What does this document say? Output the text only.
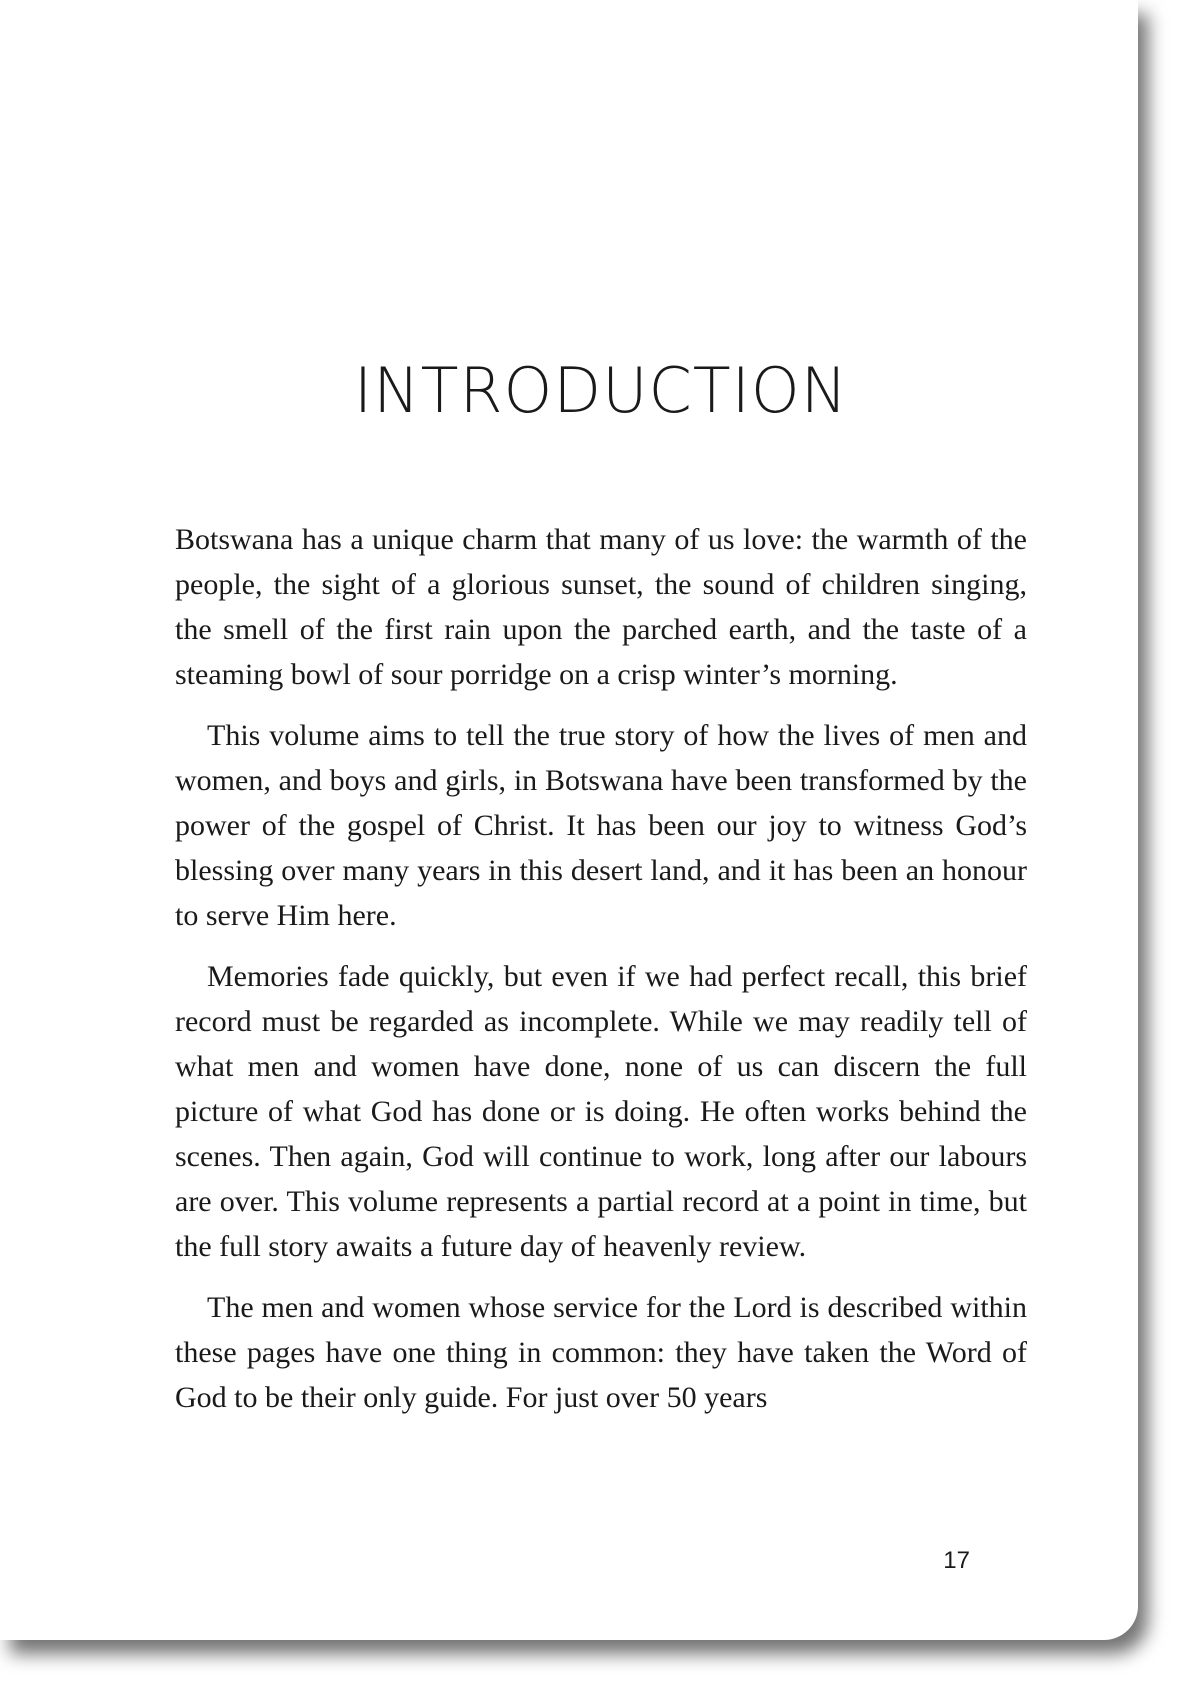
INTRODUCTION

Botswana has a unique charm that many of us love: the warmth of the people, the sight of a glorious sunset, the sound of children singing, the smell of the first rain upon the parched earth, and the taste of a steaming bowl of sour porridge on a crisp winter’s morning.

This volume aims to tell the true story of how the lives of men and women, and boys and girls, in Botswana have been transformed by the power of the gospel of Christ. It has been our joy to witness God’s blessing over many years in this desert land, and it has been an honour to serve Him here.

Memories fade quickly, but even if we had perfect recall, this brief record must be regarded as incomplete. While we may readily tell of what men and women have done, none of us can discern the full picture of what God has done or is doing. He often works behind the scenes. Then again, God will continue to work, long after our labours are over. This volume represents a partial record at a point in time, but the full story awaits a future day of heavenly review.

The men and women whose service for the Lord is described within these pages have one thing in common: they have taken the Word of God to be their only guide. For just over 50 years

17
